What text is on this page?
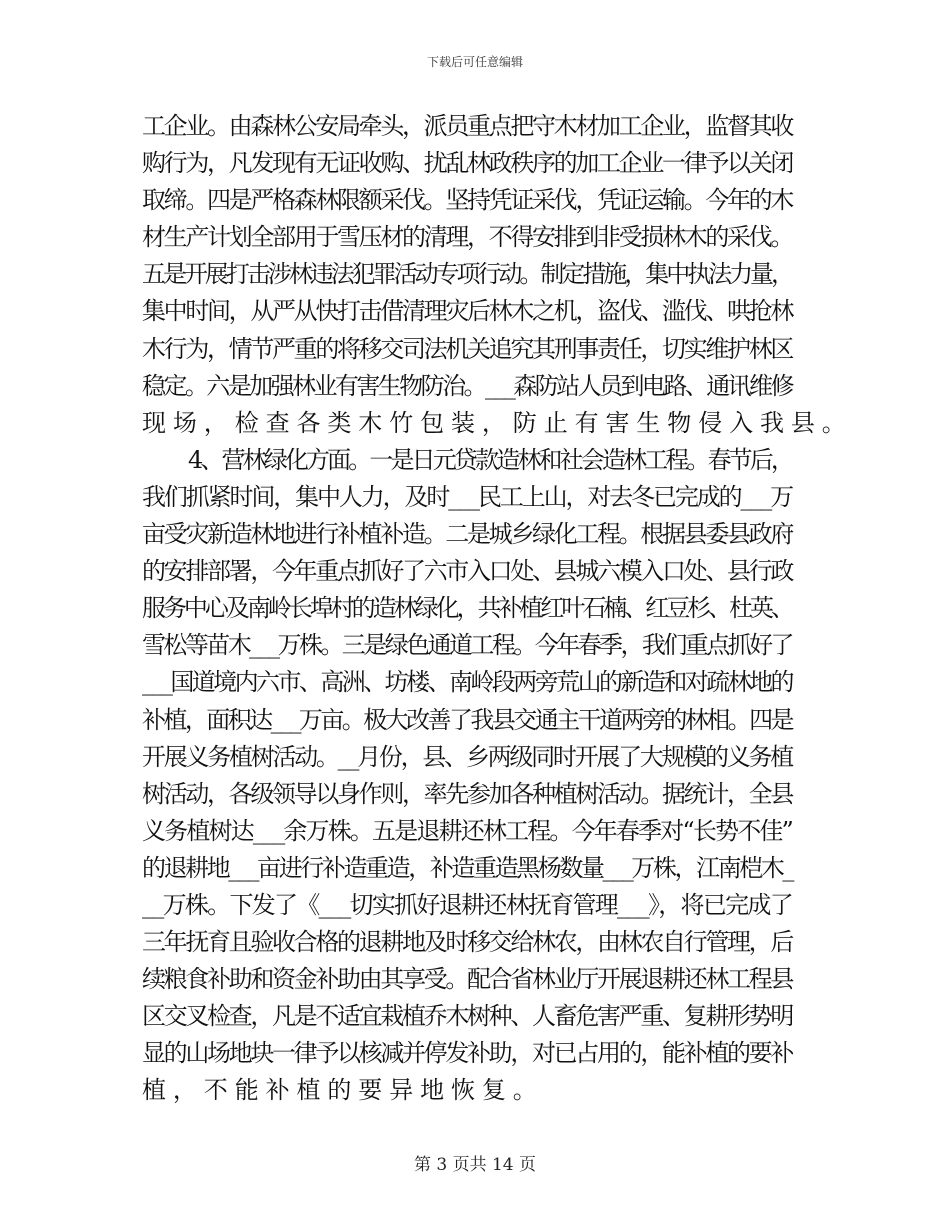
下载后可任意编辑
工企业。由森林公安局牵头，派员重点把守木材加工企业，监督其收
购行为，凡发现有无证收购、扰乱林政秩序的加工企业一律予以关闭
取缔。四是严格森林限额采伐。坚持凭证采伐，凭证运输。今年的木
材生产计划全部用于雪压材的清理，不得安排到非受损林木的采伐。
五是开展打击涉林违法犯罪活动专项行动。制定措施，集中执法力量，
集中时间，从严从快打击借清理灾后林木之机，盗伐、滥伐、哄抢林
木行为，情节严重的将移交司法机关追究其刑事责任，切实维护林区
稳定。六是加强林业有害生物防治。___森防站人员到电路、通讯维修
现场，检查各类木竹包装，防止有害生物侵入我县。
4、营林绿化方面。一是日元贷款造林和社会造林工程。春节后，
我们抓紧时间，集中人力，及时___民工上山，对去冬已完成的___万
亩受灾新造林地进行补植补造。二是城乡绿化工程。根据县委县政府
的安排部署，今年重点抓好了六市入口处、县城六模入口处、县行政
服务中心及南岭长埠村的造林绿化，共补植红叶石楠、红豆杉、杜英、
雪松等苗木___万株。三是绿色通道工程。今年春季，我们重点抓好了
___国道境内六市、高洲、坊楼、南岭段两旁荒山的新造和对疏林地的
补植，面积达___万亩。极大改善了我县交通主干道两旁的林相。四是
开展义务植树活动。__月份，县、乡两级同时开展了大规模的义务植
树活动，各级领导以身作则，率先参加各种植树活动。据统计，全县
义务植树达___余万株。五是退耕还林工程。今年春季对“长势不佳”
的退耕地___亩进行补造重造，补造重造黑杨数量___万株，江南桤木_
__万株。下发了《___切实抓好退耕还林抚育管理___》，将已完成了
三年抚育且验收合格的退耕地及时移交给林农，由林农自行管理，后
续粮食补助和资金补助由其享受。配合省林业厅开展退耕还林工程县
区交叉检查，凡是不适宜栽植乔木树种、人畜危害严重、复耕形势明
显的山场地块一律予以核减并停发补助，对已占用的，能补植的要补
植，不能补植的要异地恢复。
第 3 页共 14 页
